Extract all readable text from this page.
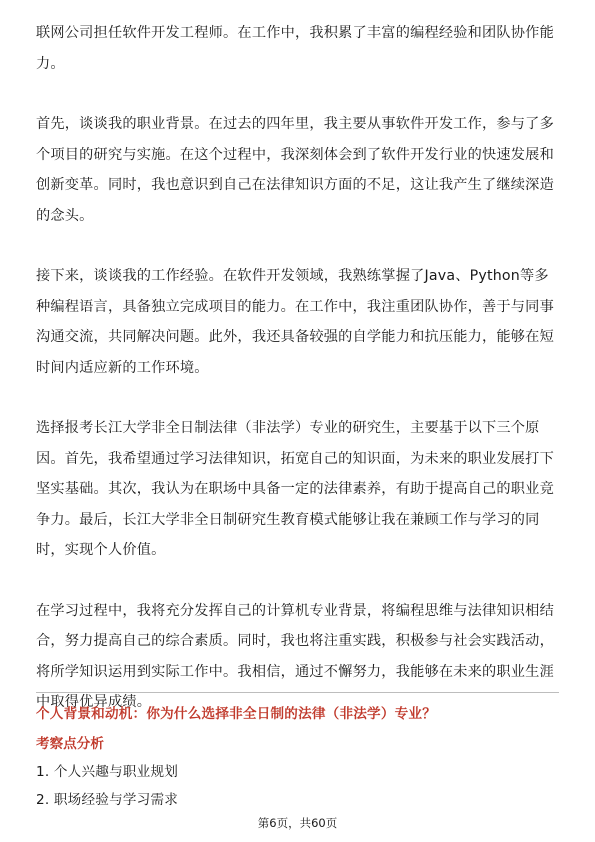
联网公司担任软件开发工程师。在工作中，我积累了丰富的编程经验和团队协作能力。

首先，谈谈我的职业背景。在过去的四年里，我主要从事软件开发工作，参与了多个项目的研究与实施。在这个过程中，我深刻体会到了软件开发行业的快速发展和创新变革。同时，我也意识到自己在法律知识方面的不足，这让我产生了继续深造的念头。

接下来，谈谈我的工作经验。在软件开发领域，我熟练掌握了Java、Python等多种编程语言，具备独立完成项目的能力。在工作中，我注重团队协作，善于与同事沟通交流，共同解决问题。此外，我还具备较强的自学能力和抗压能力，能够在短时间内适应新的工作环境。

选择报考长江大学非全日制法律（非法学）专业的研究生，主要基于以下三个原因。首先，我希望通过学习法律知识，拓宽自己的知识面，为未来的职业发展打下坚实基础。其次，我认为在职场中具备一定的法律素养，有助于提高自己的职业竞争力。最后，长江大学非全日制研究生教育模式能够让我在兼顾工作与学习的同时，实现个人价值。

在学习过程中，我将充分发挥自己的计算机专业背景，将编程思维与法律知识相结合，努力提高自己的综合素质。同时，我也将注重实践，积极参与社会实践活动，将所学知识运用到实际工作中。我相信，通过不懈努力，我能够在未来的职业生涯中取得优异成绩。

个人背景和动机：你为什么选择非全日制的法律（非法学）专业？
考察点分析
1. 个人兴趣与职业规划
2. 职场经验与学习需求
第6页，共60页
